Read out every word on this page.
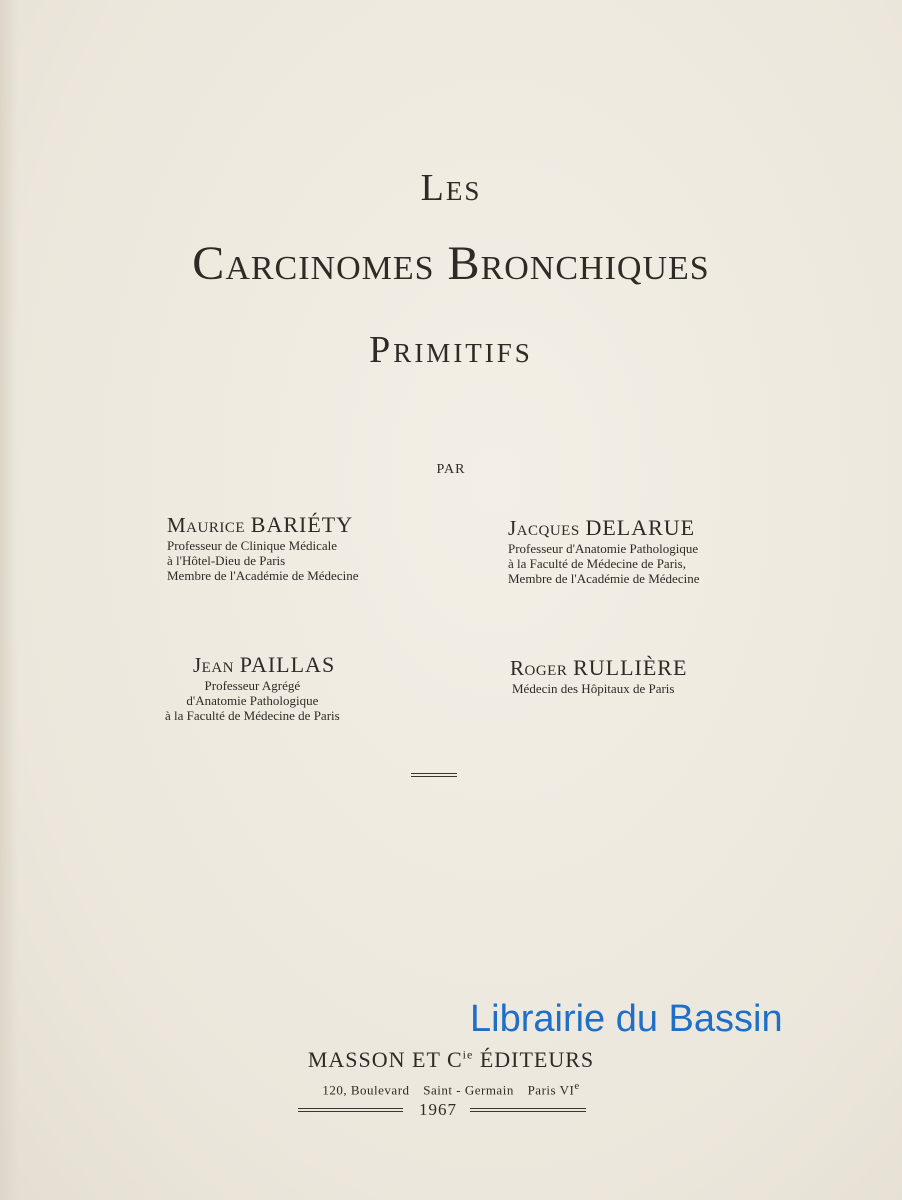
Les
Carcinomes Bronchiques
Primitifs
par
Maurice BARIÉTY
Professeur de Clinique Médicale
à l'Hôtel-Dieu de Paris
Membre de l'Académie de Médecine
Jacques DELARUE
Professeur d'Anatomie Pathologique
à la Faculté de Médecine de Paris,
Membre de l'Académie de Médecine
Jean PAILLAS
Professeur Agrégé
d'Anatomie Pathologique
à la Faculté de Médecine de Paris
Roger RULLIÈRE
Médecin des Hôpitaux de Paris
MASSON ET $C^{ie}$ ÉDITEURS
120, Boulevard Saint - Germain Paris VIe
1967
Librairie du Bassin
